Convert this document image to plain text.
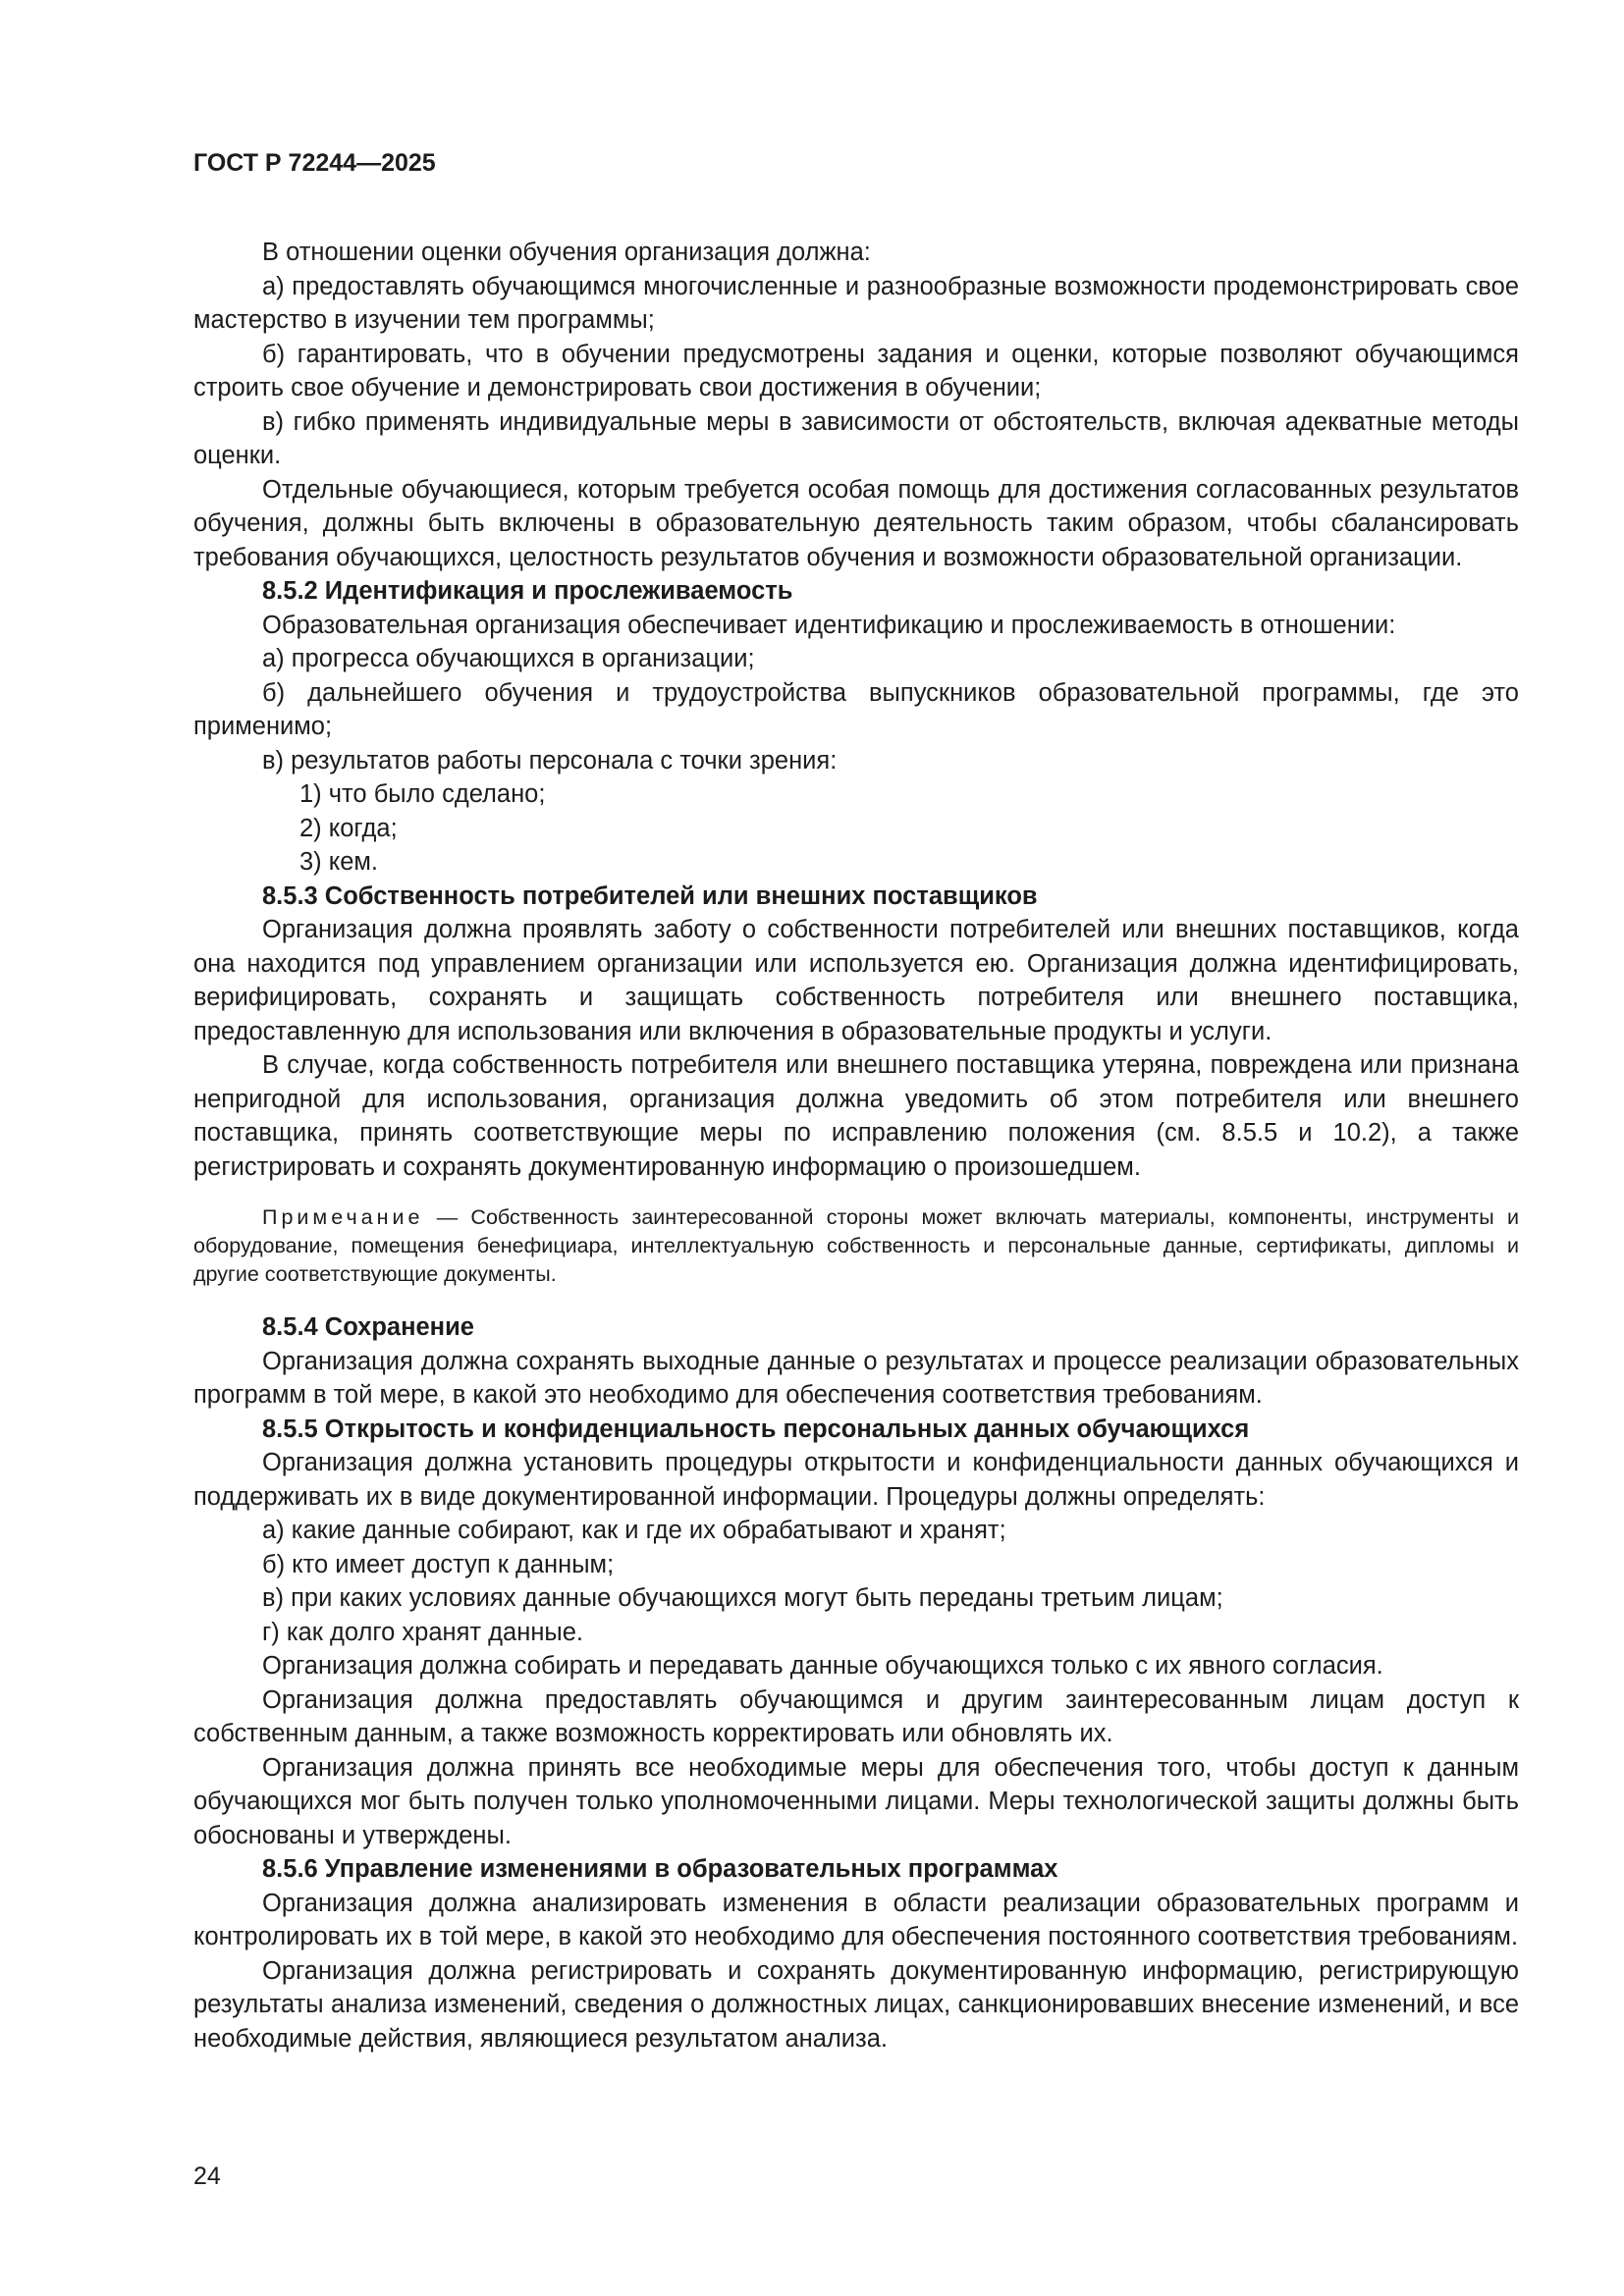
ГОСТ Р 72244—2025

В отношении оценки обучения организация должна:

а) предоставлять обучающимся многочисленные и разнообразные возможности продемонстрировать свое мастерство в изучении тем программы;

б) гарантировать, что в обучении предусмотрены задания и оценки, которые позволяют обучающимся строить свое обучение и демонстрировать свои достижения в обучении;

в) гибко применять индивидуальные меры в зависимости от обстоятельств, включая адекватные методы оценки.

Отдельные обучающиеся, которым требуется особая помощь для достижения согласованных результатов обучения, должны быть включены в образовательную деятельность таким образом, чтобы сбалансировать требования обучающихся, целостность результатов обучения и возможности образовательной организации.

8.5.2 Идентификация и прослеживаемость

Образовательная организация обеспечивает идентификацию и прослеживаемость в отношении:

а) прогресса обучающихся в организации;

б) дальнейшего обучения и трудоустройства выпускников образовательной программы, где это применимо;

в) результатов работы персонала с точки зрения:

1) что было сделано;

2) когда;

3) кем.

8.5.3 Собственность потребителей или внешних поставщиков

Организация должна проявлять заботу о собственности потребителей или внешних поставщиков, когда она находится под управлением организации или используется ею. Организация должна идентифицировать, верифицировать, сохранять и защищать собственность потребителя или внешнего поставщика, предоставленную для использования или включения в образовательные продукты и услуги.

В случае, когда собственность потребителя или внешнего поставщика утеряна, повреждена или признана непригодной для использования, организация должна уведомить об этом потребителя или внешнего поставщика, принять соответствующие меры по исправлению положения (см. 8.5.5 и 10.2), а также регистрировать и сохранять документированную информацию о произошедшем.

Примечание — Собственность заинтересованной стороны может включать материалы, компоненты, инструменты и оборудование, помещения бенефициара, интеллектуальную собственность и персональные данные, сертификаты, дипломы и другие соответствующие документы.

8.5.4 Сохранение

Организация должна сохранять выходные данные о результатах и процессе реализации образовательных программ в той мере, в какой это необходимо для обеспечения соответствия требованиям.

8.5.5 Открытость и конфиденциальность персональных данных обучающихся

Организация должна установить процедуры открытости и конфиденциальности данных обучающихся и поддерживать их в виде документированной информации. Процедуры должны определять:

а) какие данные собирают, как и где их обрабатывают и хранят;

б) кто имеет доступ к данным;

в) при каких условиях данные обучающихся могут быть переданы третьим лицам;

г) как долго хранят данные.

Организация должна собирать и передавать данные обучающихся только с их явного согласия.

Организация должна предоставлять обучающимся и другим заинтересованным лицам доступ к собственным данным, а также возможность корректировать или обновлять их.

Организация должна принять все необходимые меры для обеспечения того, чтобы доступ к данным обучающихся мог быть получен только уполномоченными лицами. Меры технологической защиты должны быть обоснованы и утверждены.

8.5.6 Управление изменениями в образовательных программах

Организация должна анализировать изменения в области реализации образовательных программ и контролировать их в той мере, в какой это необходимо для обеспечения постоянного соответствия требованиям.

Организация должна регистрировать и сохранять документированную информацию, регистрирующую результаты анализа изменений, сведения о должностных лицах, санкционировавших внесение изменений, и все необходимые действия, являющиеся результатом анализа.

24
